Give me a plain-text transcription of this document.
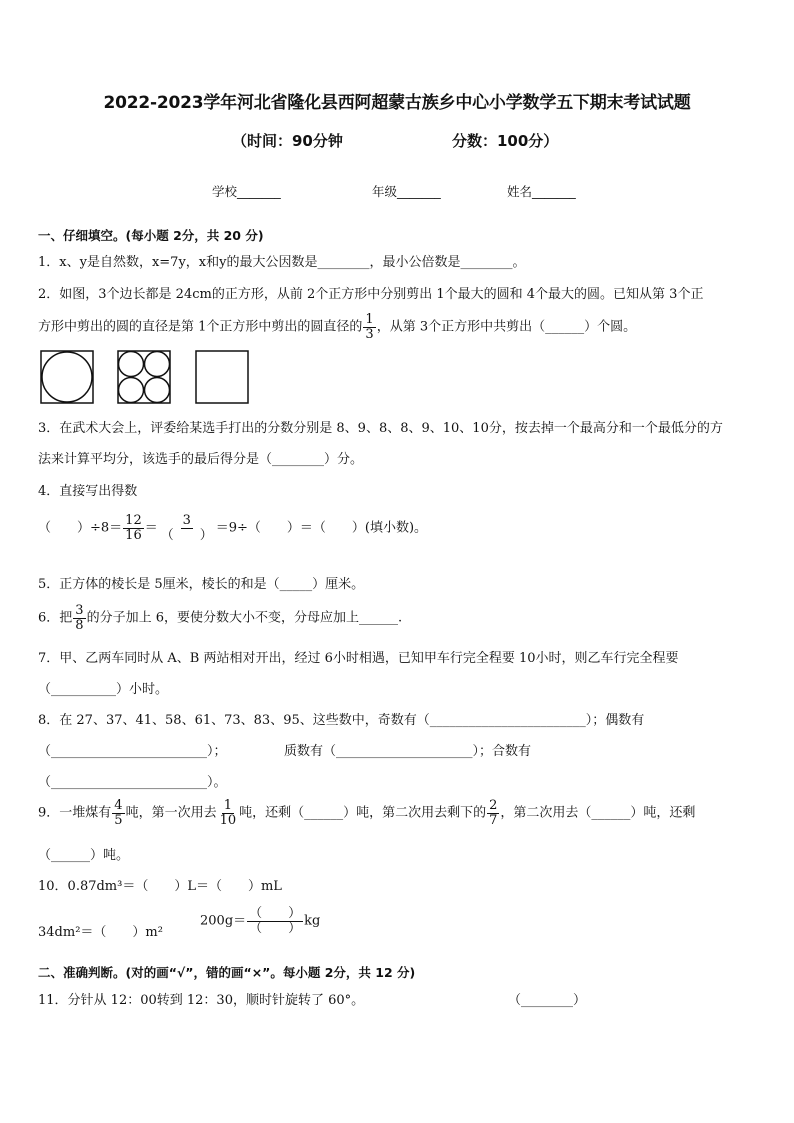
2022-2023学年河北省隆化县西阿超蒙古族乡中心小学数学五下期末考试试题
（时间：90分钟	分数：100分）
学校_______	年级_______	姓名_______
一、仔细填空。(每小题 2分，共 20 分)
1．x、y是自然数，x=7y，x和y的最大公因数是________，最小公倍数是________。
2．如图，3个边长都是 24cm的正方形，从前 2个正方形中分别剪出 1个最大的圆和 4个最大的圆。已知从第 3个正
方形中剪出的圆的直径是第 1个正方形中剪出的圆直径的 $\frac{1}{3}$ ，从第 3个正方形中共剪出（______）个圆。
3．在武术大会上，评委给某选手打出的分数分别是 8、9、8、8、9、10、10分，按去掉一个最高分和一个最低分的方
法来计算平均分，该选手的最后得分是（________）分。
4．直接写出得数
（　　）$\div 8= \frac{12}{16} = \frac{3}{( )} =9\div$（　　）＝（　　）(填小数)。
5．正方体的棱长是 5厘米，棱长的和是（_____）厘米。
6．把 $\frac{3}{8}$ 的分子加上 6，要使分数大小不变，分母应加上______.
7．甲、乙两车同时从 A、B 两站相对开出，经过 6小时相遇，已知甲车行完全程要 10小时，则乙车行完全程要
（__________）小时。
8．在 27、37、41、58、61、73、83、95、这些数中，奇数有（________________________）；偶数有
（________________________）；	质数有（_____________________）；合数有
（________________________）。
9．一堆煤有 $\frac{4}{5}$ 吨，第一次用去 $\frac{1}{10}$ 吨，还剩（______）吨，第二次用去剩下的 $\frac{2}{7}$ ，第二次用去（______）吨，还剩
（______）吨。
10．0.87dm³＝（　　）L＝（　　）mL
34dm²＝（　　）m²
$200g= \frac{( )}{( )}$ kg
二、准确判断。(对的画“√”，错的画“×”。每小题 2分，共 12 分)
11．分针从 12：00转到 12：30，顺时针旋转了 60°。	（________）
